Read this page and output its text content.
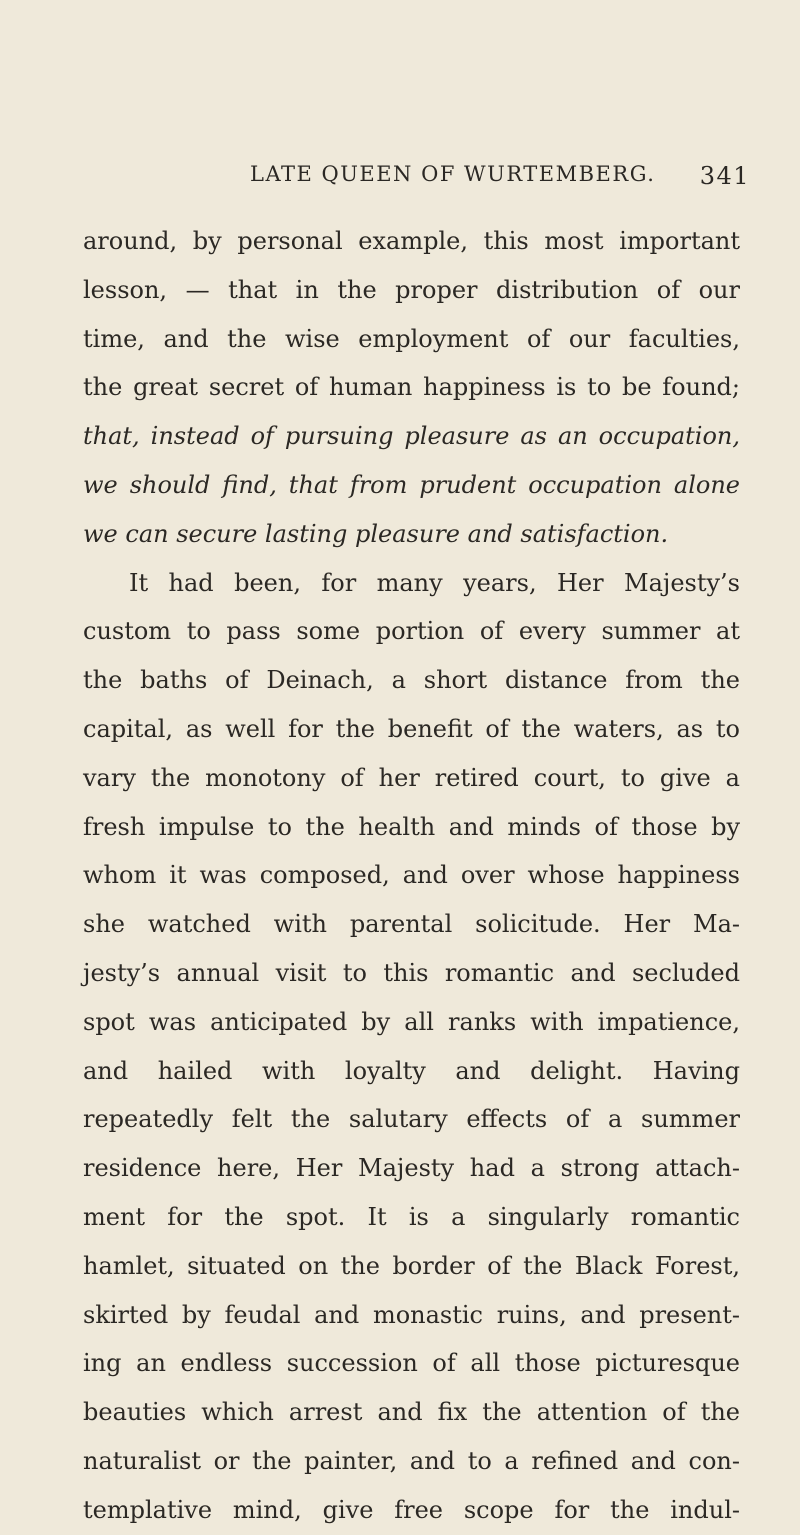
LATE QUEEN OF WURTEMBERG. 341
around, by personal example, this most important
lesson, — that in the proper distribution of our
time, and the wise employment of our faculties,
the great secret of human happiness is to be found;
that, instead of pursuing pleasure as an occupation,
we should find, that from prudent occupation alone
we can secure lasting pleasure and satisfaction.
It had been, for many years, Her Majesty’s
custom to pass some portion of every summer at
the baths of Deinach, a short distance from the
capital, as well for the benefit of the waters, as to
vary the monotony of her retired court, to give a
fresh impulse to the health and minds of those by
whom it was composed, and over whose happiness
she watched with parental solicitude. Her Ma-
jesty’s annual visit to this romantic and secluded
spot was anticipated by all ranks with impatience,
and hailed with loyalty and delight. Having
repeatedly felt the salutary effects of a summer
residence here, Her Majesty had a strong attach-
ment for the spot. It is a singularly romantic
hamlet, situated on the border of the Black Forest,
skirted by feudal and monastic ruins, and present-
ing an endless succession of all those picturesque
beauties which arrest and fix the attention of the
naturalist or the painter, and to a refined and con-
templative mind, give free scope for the indul-
